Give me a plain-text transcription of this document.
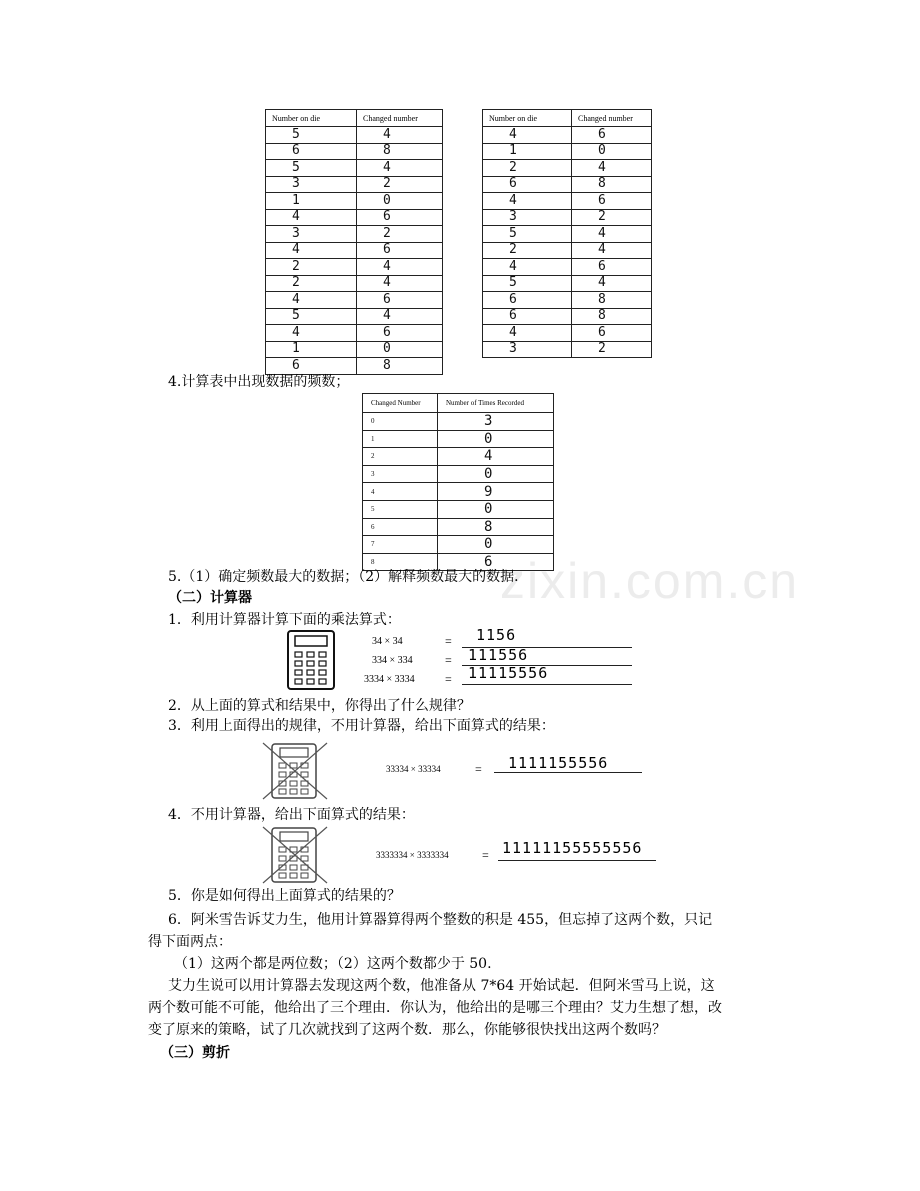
zixin.com.cn
Number on die	Changed number
5	4
6	8
5	4
3	2
1	0
4	6
3	2
4	6
2	4
2	4
4	6
5	4
4	6
1	0
6	8
Number on die	Changed number
4	6
1	0
2	4
6	8
4	6
3	2
5	4
2	4
4	6
5	4
6	8
6	8
4	6
3	2
4.计算表中出现数据的频数；
Changed Number	Number of Times Recorded
0	3
1	0
2	4
3	0
4	9
5	0
6	8
7	0
8	6
5.（1）确定频数最大的数据；（2）解释频数最大的数据．
（二）计算器
1．利用计算器计算下面的乘法算式：
34 × 34	= 1156
334 × 334	= 111556
3334 × 3334	= 11115556
2．从上面的算式和结果中，你得出了什么规律？
3．利用上面得出的规律，不用计算器，给出下面算式的结果：
33334 × 33334	= 1111155556
4．不用计算器，给出下面算式的结果：
3333334 × 3333334	= 11111155555556
5．你是如何得出上面算式的结果的？
6．阿米雪告诉艾力生，他用计算器算得两个整数的积是 455，但忘掉了这两个数，只记
得下面两点：
（1）这两个都是两位数；（2）这两个数都少于 50.
艾力生说可以用计算器去发现这两个数，他准备从 7*64 开始试起．但阿米雪马上说，这
两个数可能不可能，他给出了三个理由．你认为，他给出的是哪三个理由？艾力生想了想，改
变了原来的策略，试了几次就找到了这两个数．那么，你能够很快找出这两个数吗？
（三）剪折
